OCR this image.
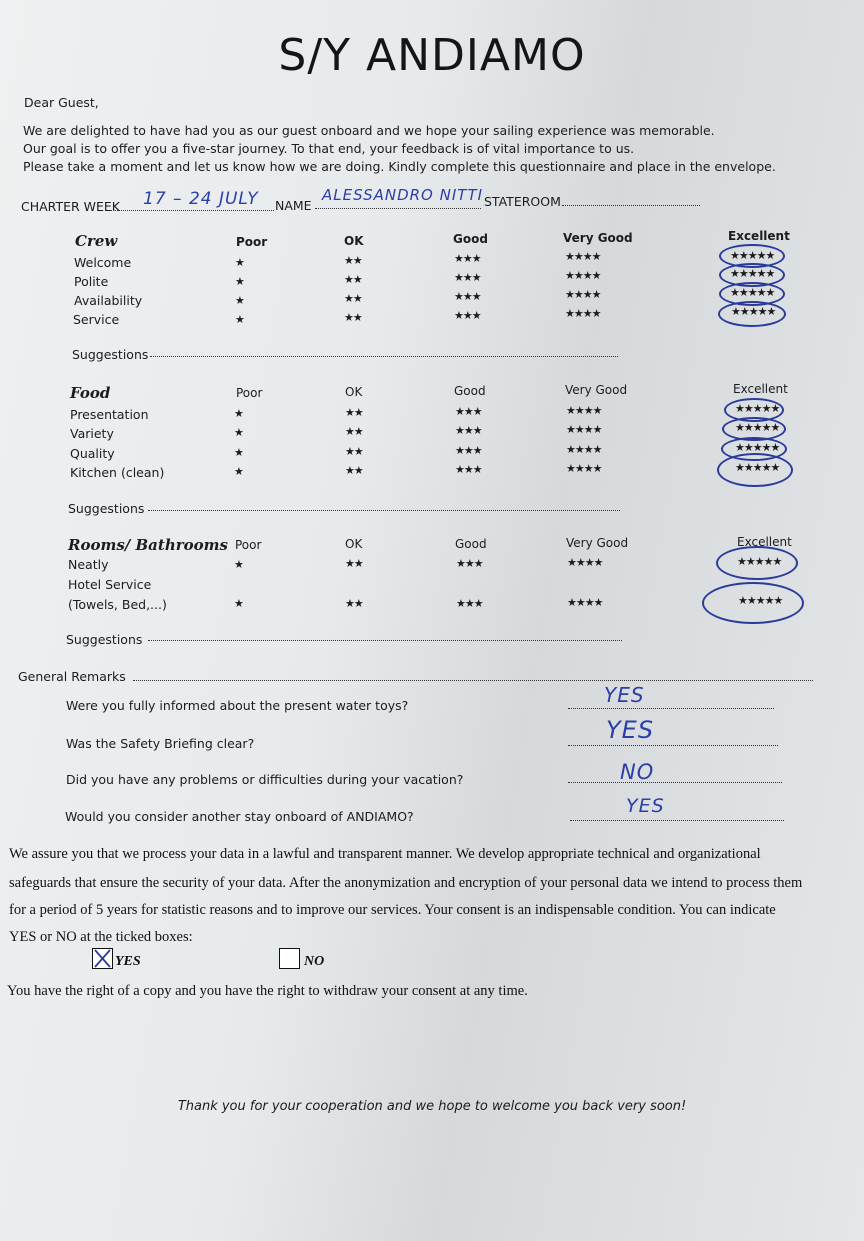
S/Y ANDIAMO
Dear Guest,
We are delighted to have had you as our guest onboard and we hope your sailing experience was memorable.
Our goal is to offer you a five-star journey. To that end, your feedback is of vital importance to us.
Please take a moment and let us know how we are doing. Kindly complete this questionnaire and place in the envelope.
CHARTER WEEK 17 – 24 JULY NAME
ALESSANDRO NITTI STATEROOM
Crew	Poor	OK	Good	Very Good	Excellent
Welcome	★	★★	★★★	★★★★	★★★★★
Polite	★	★★	★★★	★★★★	★★★★★
Availability	★	★★	★★★	★★★★	★★★★★
Service	★	★★	★★★	★★★★	★★★★★
Suggestions
Food	Poor	OK	Good	Very Good	Excellent
Presentation	★	★★	★★★	★★★★	★★★★★
Variety	★	★★	★★★	★★★★	★★★★★
Quality	★	★★	★★★	★★★★	★★★★★
Kitchen (clean)	★	★★	★★★	★★★★	★★★★★
Suggestions
Rooms/ Bathrooms Poor	OK	Good	Very Good	Excellent
Neatly	★	★★	★★★	★★★★	★★★★★
Hotel Service
(Towels, Bed,...)	★	★★	★★★	★★★★	★★★★★
Suggestions
General Remarks
Were you fully informed about the present water toys?	YES
Was the Safety Briefing clear?	YES
Did you have any problems or difficulties during your vacation?	NO
Would you consider another stay onboard of ANDIAMO?	YES
We assure you that we process your data in a lawful and transparent manner. We develop appropriate technical and organizational
safeguards that ensure the security of your data. After the anonymization and encryption of your personal data we intend to process them
for a period of 5 years for statistic reasons and to improve our services. Your consent is an indispensable condition. You can indicate
YES or NO at the ticked boxes:
YES	NO
You have the right of a copy and you have the right to withdraw your consent at any time.
Thank you for your cooperation and we hope to welcome you back very soon!
